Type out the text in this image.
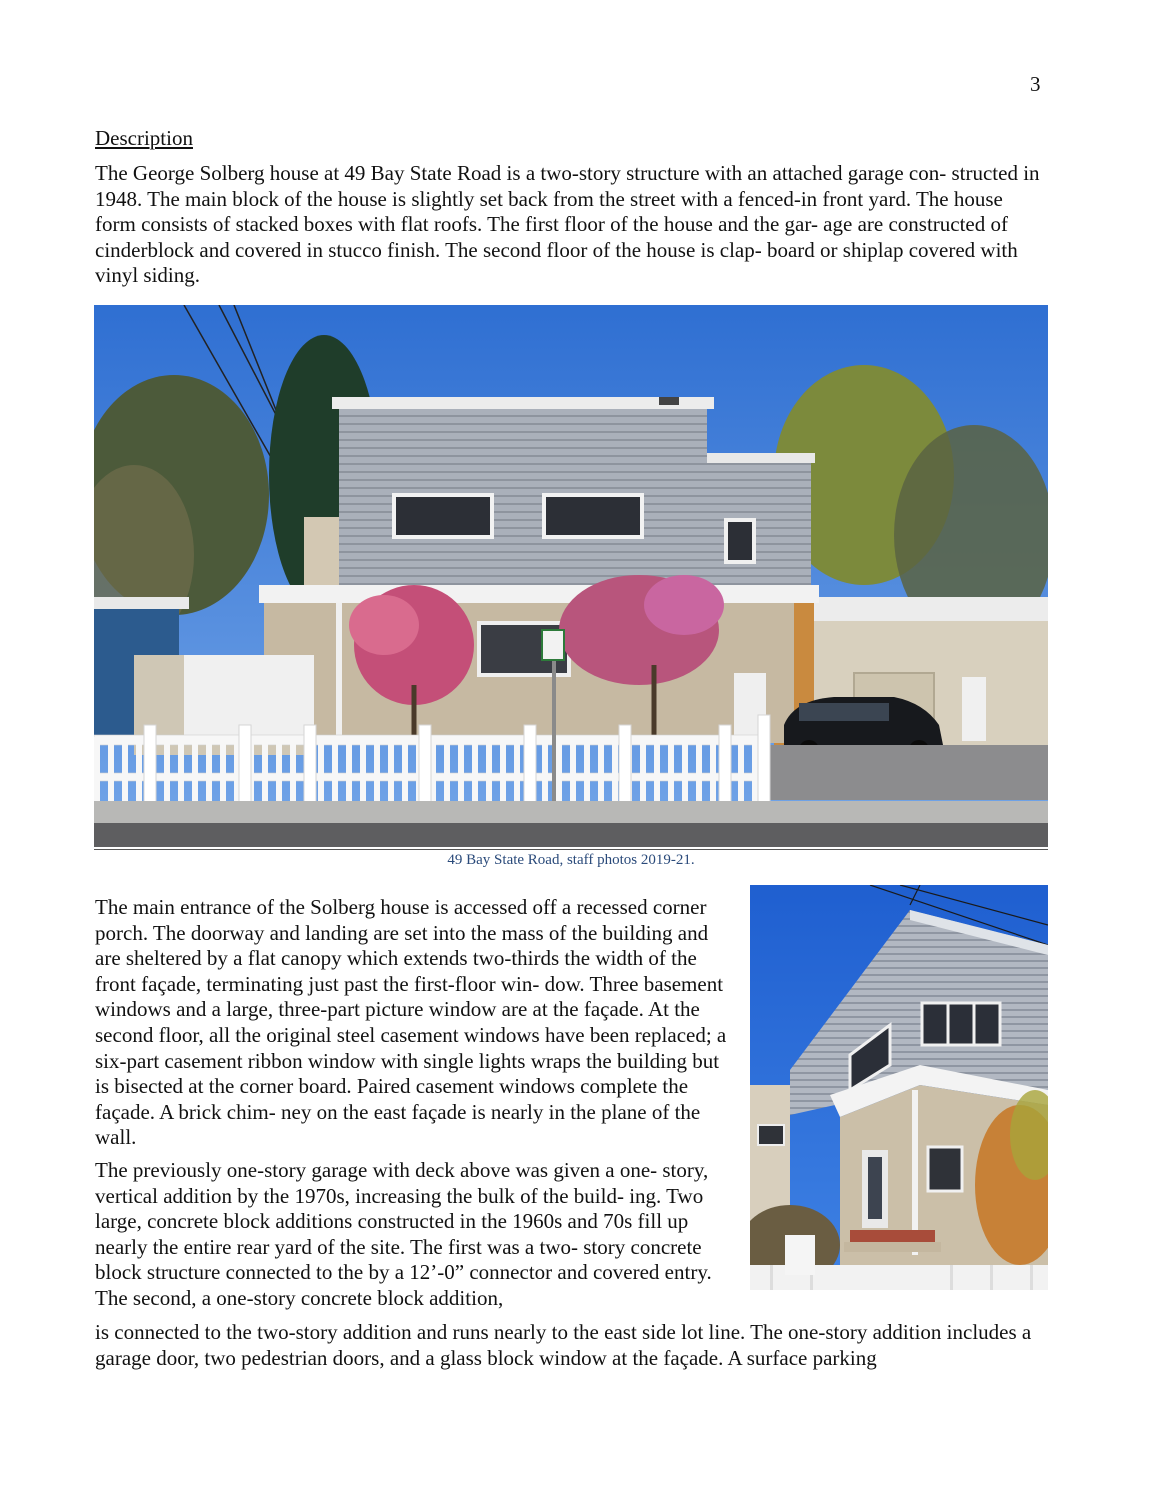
3
Description

The George Solberg house at 49 Bay State Road is a two-story structure with an attached garage con- structed in 1948. The main block of the house is slightly set back from the street with a fenced-in front yard. The house form consists of stacked boxes with flat roofs. The first floor of the house and the gar- age are constructed of cinderblock and covered in stucco finish. The second floor of the house is clap- board or shiplap covered with vinyl siding.

49 Bay State Road, staff photos 2019-21.

The main entrance of the Solberg house is accessed off a recessed corner porch. The doorway and landing are set into the mass of the building and are sheltered by a flat canopy which extends two-thirds the width of the front façade, terminating just past the first-floor win- dow. Three basement windows and a large, three-part picture window are at the façade. At the second floor, all the original steel casement windows have been replaced; a six-part casement ribbon window with single lights wraps the building but is bisected at the corner board. Paired casement windows complete the façade. A brick chim- ney on the east façade is nearly in the plane of the wall.

The previously one-story garage with deck above was given a one- story, vertical addition by the 1970s, increasing the bulk of the build- ing. Two large, concrete block additions constructed in the 1960s and 70s fill up nearly the entire rear yard of the site. The first was a two- story concrete block structure connected to the by a 12’-0” connector and covered entry. The second, a one-story concrete block addition,

is connected to the two-story addition and runs nearly to the east side lot line. The one-story addition includes a garage door, two pedestrian doors, and a glass block window at the façade. A surface parking
